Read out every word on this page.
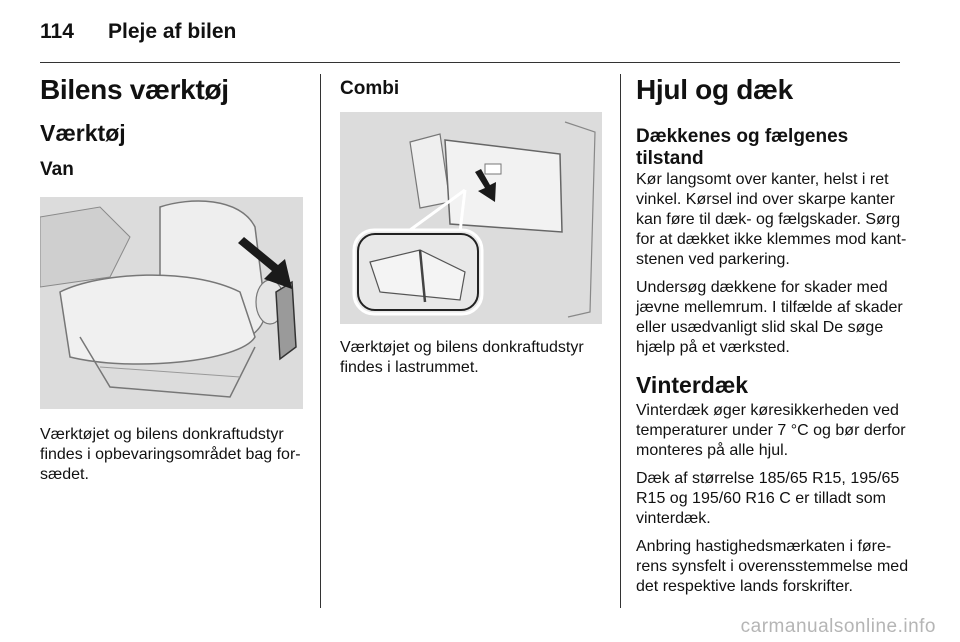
114 Pleje af bilen
Bilens værktøj
Værktøj
Van

Værktøjet og bilens donkraftudstyr findes i opbevaringsområdet bag for-sædet.

Combi

Værktøjet og bilens donkraftudstyr findes i lastrummet.

Hjul og dæk
Dækkenes og fælgenes tilstand

Kør langsomt over kanter, helst i ret vinkel. Kørsel ind over skarpe kanter kan føre til dæk- og fælgskader. Sørg for at dækket ikke klemmes mod kant-stenen ved parkering.

Undersøg dækkene for skader med jævne mellemrum. I tilfælde af skader eller usædvanligt slid skal De søge hjælp på et værksted.

Vinterdæk

Vinterdæk øger køresikkerheden ved temperaturer under 7 °C og bør derfor monteres på alle hjul.

Dæk af størrelse 185/65 R15, 195/65 R15 og 195/60 R16 C er tilladt som vinterdæk.

Anbring hastighedsmærkaten i føre-rens synsfelt i overensstemmelse med det respektive lands forskrifter.

carmanualsonline.info
